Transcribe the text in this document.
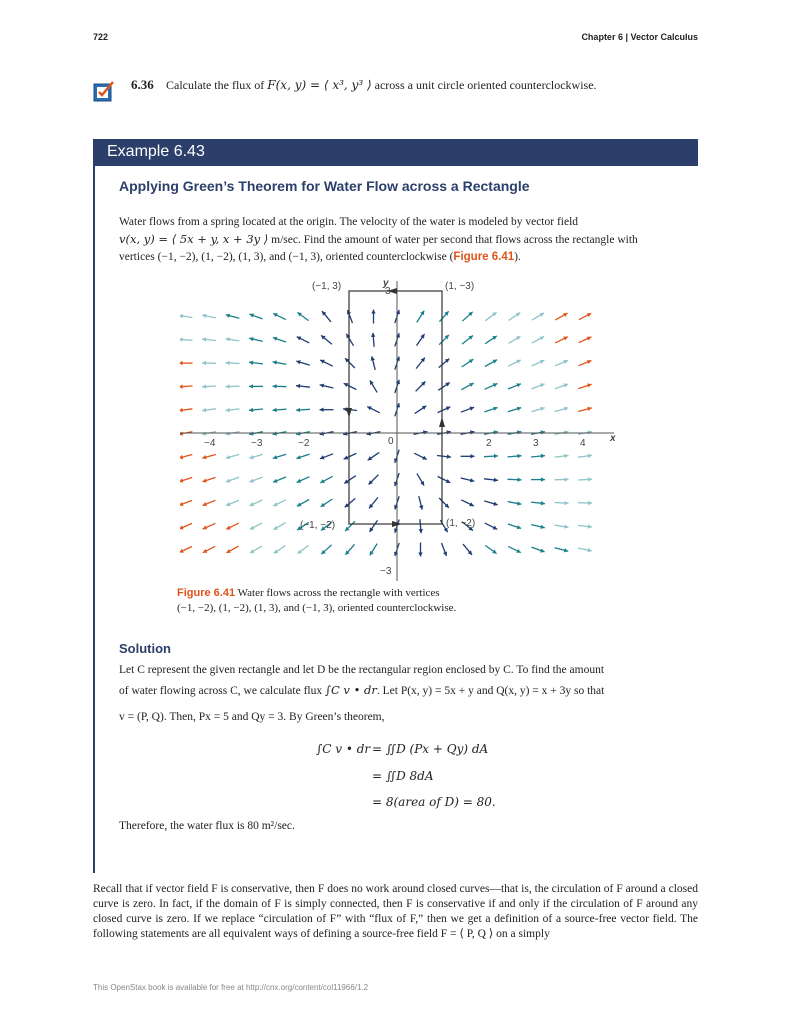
722	Chapter 6 | Vector Calculus
6.36 Calculate the flux of F(x, y) = ⟨ x³, y³ ⟩ across a unit circle oriented counterclockwise.
Example 6.43
Applying Green’s Theorem for Water Flow across a Rectangle
Water flows from a spring located at the origin. The velocity of the water is modeled by vector field
v(x, y) = ⟨ 5x + y, x + 3y ⟩ m/sec. Find the amount of water per second that flows across the rectangle with
vertices (−1, −2), (1, −2), (1, 3), and (−1, 3), oriented counterclockwise (Figure 6.41).
(−1, 3)	(1, −3)
(−1, −2)	(1, −2)
x
y
0
−4	−3	−2	2	3	4
3
−3
Figure 6.41 Water flows across the rectangle with vertices
(−1, −2), (1, −2), (1, 3), and (−1, 3), oriented counterclockwise.
Solution
Let C represent the given rectangle and let D be the rectangular region enclosed by C. To find the amount
of water flowing across C, we calculate flux ∫C v • dr. Let P(x, y) = 5x + y and Q(x, y) = x + 3y so that
v = (P, Q). Then, Px = 5 and Qy = 3. By Green’s theorem,
∫C v • dr = ∬D (Px + Qy) dA
= ∬D 8dA
= 8(area of D) = 80.
Therefore, the water flux is 80 m²/sec.
Recall that if vector field F is conservative, then F does no work around closed curves—that is, the circulation of F around a closed curve is zero. In fact, if the domain of F is simply connected, then F is conservative if and only if the circulation of F around any closed curve is zero. If we replace “circulation of F” with “flux of F,” then we get a definition of a source-free vector field. The following statements are all equivalent ways of defining a source-free field F = ⟨ P, Q ⟩ on a simply
This OpenStax book is available for free at http://cnx.org/content/col11966/1.2
